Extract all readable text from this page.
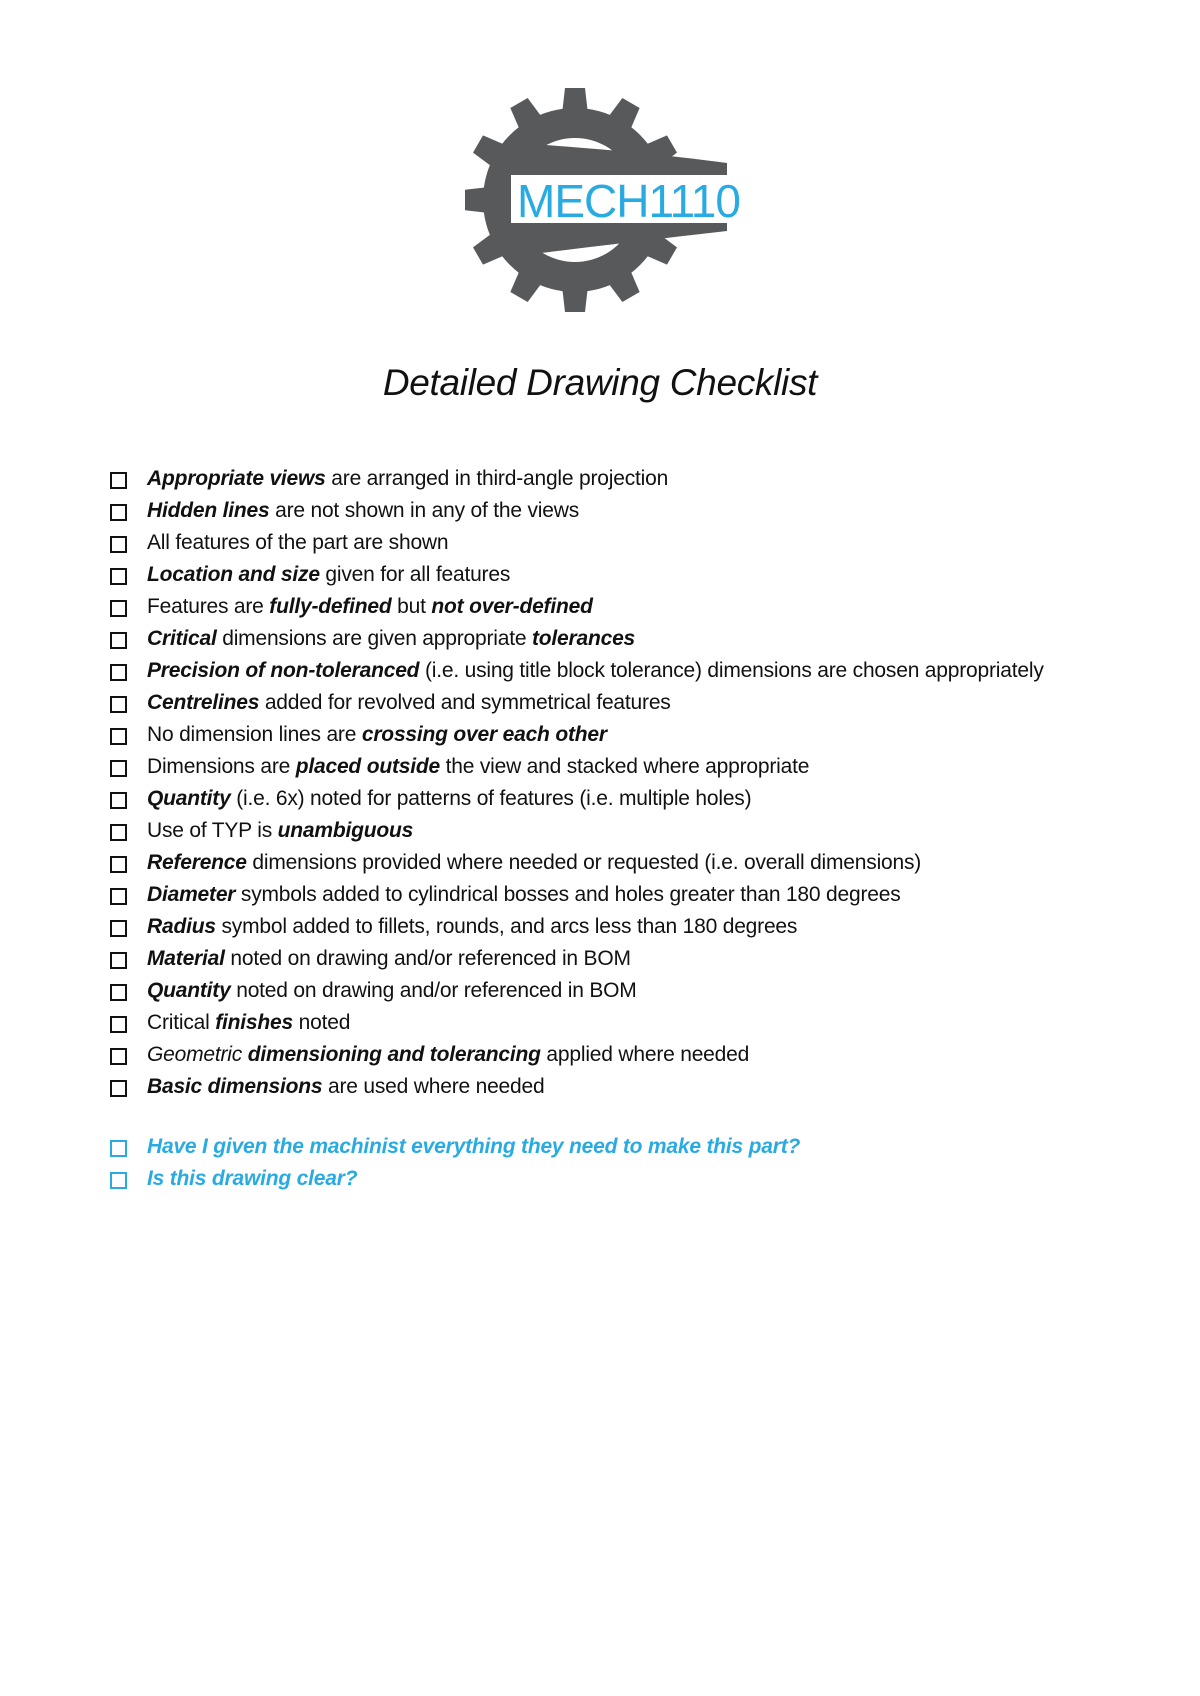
MECH1110
Detailed Drawing Checklist
Appropriate views are arranged in third-angle projection
Hidden lines are not shown in any of the views
All features of the part are shown
Location and size given for all features
Features are fully-defined but not over-defined
Critical dimensions are given appropriate tolerances
Precision of non-toleranced (i.e. using title block tolerance) dimensions are chosen appropriately
Centrelines added for revolved and symmetrical features
No dimension lines are crossing over each other
Dimensions are placed outside the view and stacked where appropriate
Quantity (i.e. 6x) noted for patterns of features (i.e. multiple holes)
Use of TYP is unambiguous
Reference dimensions provided where needed or requested (i.e. overall dimensions)
Diameter symbols added to cylindrical bosses and holes greater than 180 degrees
Radius symbol added to fillets, rounds, and arcs less than 180 degrees
Material noted on drawing and/or referenced in BOM
Quantity noted on drawing and/or referenced in BOM
Critical finishes noted
Geometric dimensioning and tolerancing applied where needed
Basic dimensions are used where needed
Have I given the machinist everything they need to make this part?
Is this drawing clear?
